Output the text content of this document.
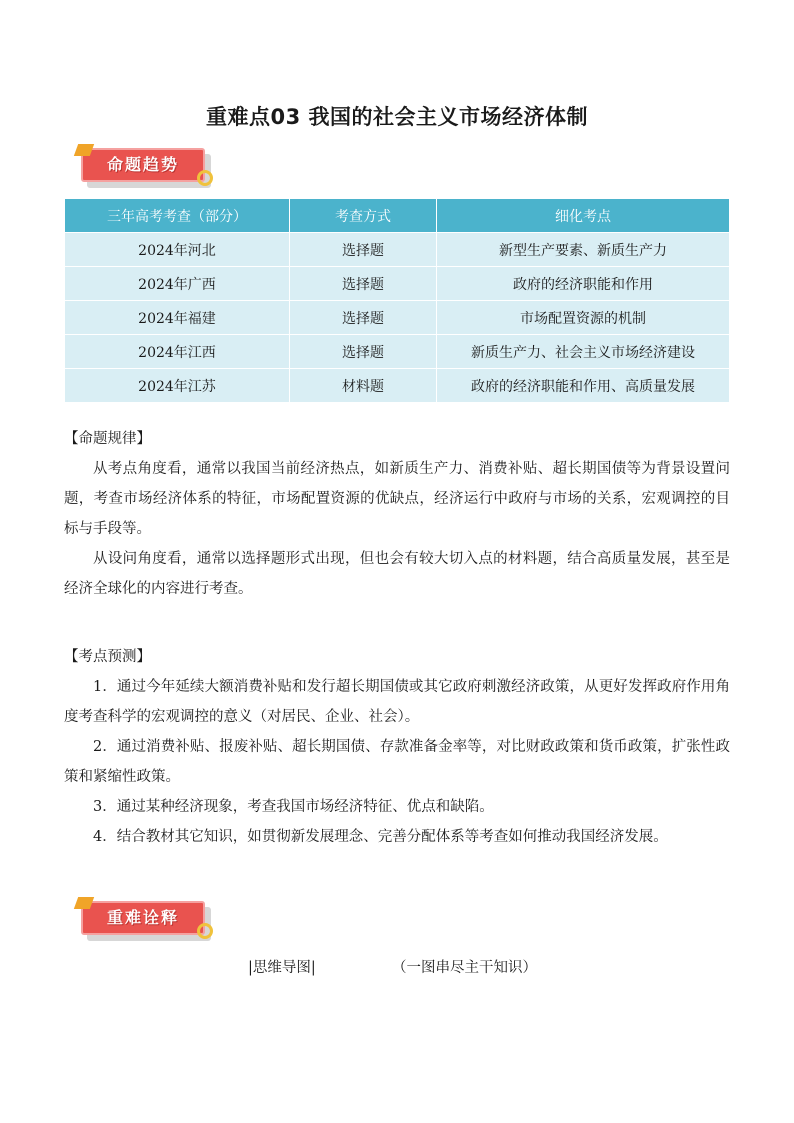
重难点03 我国的社会主义市场经济体制
命题趋势
三年高考考查（部分）	考查方式	细化考点
2024年河北	选择题	新型生产要素、新质生产力
2024年广西	选择题	政府的经济职能和作用
2024年福建	选择题	市场配置资源的机制
2024年江西	选择题	新质生产力、社会主义市场经济建设
2024年江苏	材料题	政府的经济职能和作用、高质量发展

【命题规律】

从考点角度看，通常以我国当前经济热点，如新质生产力、消费补贴、超长期国债等为背景设置问题，考查市场经济体系的特征，市场配置资源的优缺点，经济运行中政府与市场的关系，宏观调控的目标与手段等。

从设问角度看，通常以选择题形式出现，但也会有较大切入点的材料题，结合高质量发展，甚至是经济全球化的内容进行考查。

【考点预测】

1．通过今年延续大额消费补贴和发行超长期国债或其它政府刺激经济政策，从更好发挥政府作用角度考查科学的宏观调控的意义（对居民、企业、社会）。

2．通过消费补贴、报废补贴、超长期国债、存款准备金率等，对比财政政策和货币政策，扩张性政策和紧缩性政策。

3．通过某种经济现象，考查我国市场经济特征、优点和缺陷。

4．结合教材其它知识，如贯彻新发展理念、完善分配体系等考查如何推动我国经济发展。

重难诠释
|思维导图|	（一图串尽主干知识）
